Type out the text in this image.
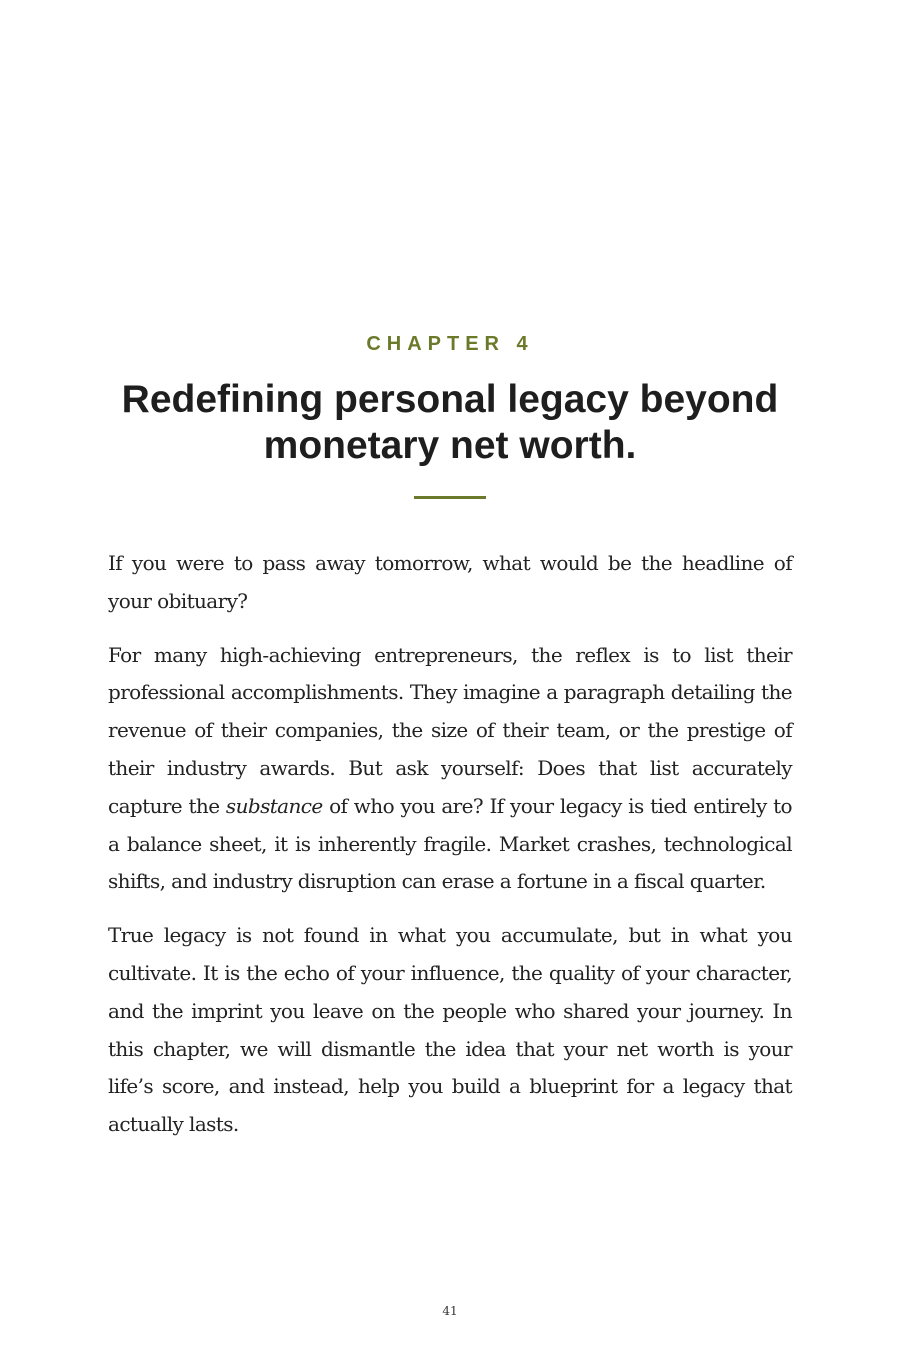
CHAPTER 4
Redefining personal legacy beyond monetary net worth.

If you were to pass away tomorrow, what would be the headline of your obituary?

For many high-achieving entrepreneurs, the reflex is to list their professional accomplishments. They imagine a paragraph detailing the revenue of their companies, the size of their team, or the prestige of their industry awards. But ask yourself: Does that list accurately capture the substance of who you are? If your legacy is tied entirely to a balance sheet, it is inherently fragile. Market crashes, technological shifts, and industry disruption can erase a fortune in a fiscal quarter.

True legacy is not found in what you accumulate, but in what you cultivate. It is the echo of your influence, the quality of your character, and the imprint you leave on the people who shared your journey. In this chapter, we will dismantle the idea that your net worth is your life’s score, and instead, help you build a blueprint for a legacy that actually lasts.

41
